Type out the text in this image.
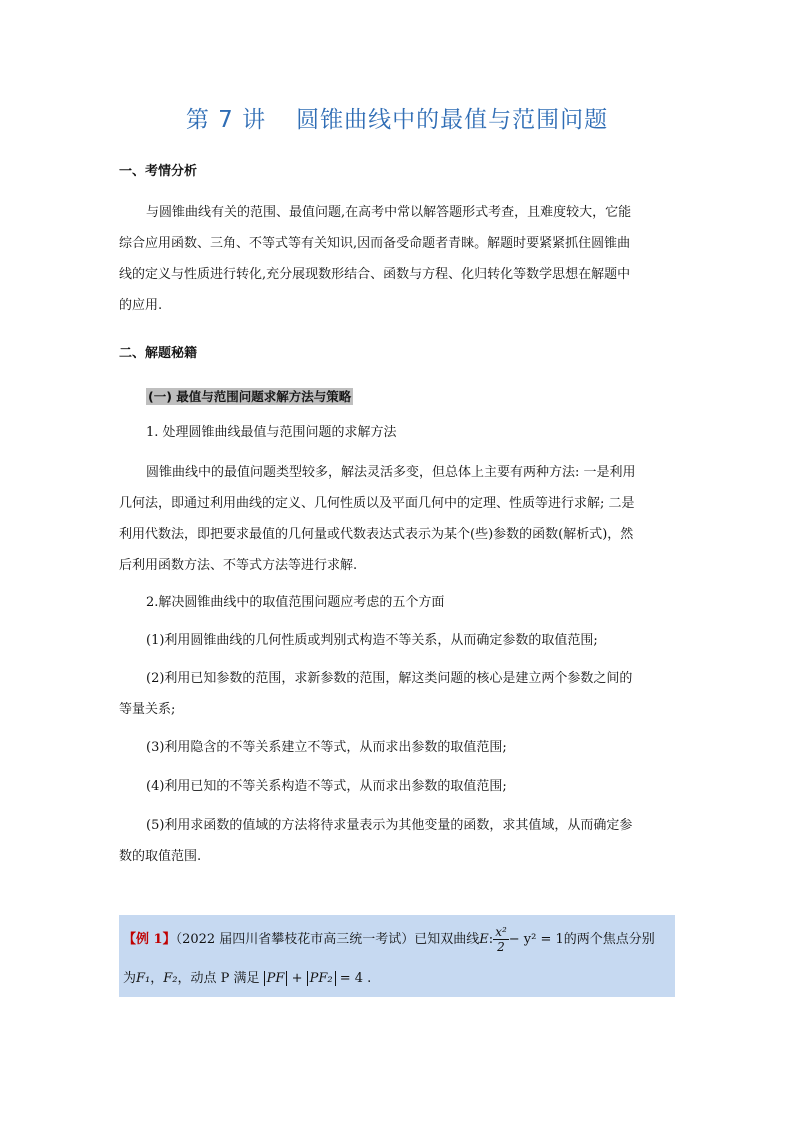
第 7 讲 圆锥曲线中的最值与范围问题
一、考情分析
与圆锥曲线有关的范围、最值问题,在高考中常以解答题形式考查，且难度较大，它能
综合应用函数、三角、不等式等有关知识,因而备受命题者青睐。解题时要紧紧抓住圆锥曲
线的定义与性质进行转化,充分展现数形结合、函数与方程、化归转化等数学思想在解题中
的应用.
二、解题秘籍
(一) 最值与范围问题求解方法与策略
1. 处理圆锥曲线最值与范围问题的求解方法
圆锥曲线中的最值问题类型较多，解法灵活多变，但总体上主要有两种方法: 一是利用
几何法，即通过利用曲线的定义、几何性质以及平面几何中的定理、性质等进行求解; 二是
利用代数法，即把要求最值的几何量或代数表达式表示为某个(些)参数的函数(解析式)，然
后利用函数方法、不等式方法等进行求解.
2.解决圆锥曲线中的取值范围问题应考虑的五个方面
(1)利用圆锥曲线的几何性质或判别式构造不等关系，从而确定参数的取值范围;
(2)利用已知参数的范围，求新参数的范围，解这类问题的核心是建立两个参数之间的
等量关系;
(3)利用隐含的不等关系建立不等式，从而求出参数的取值范围;
(4)利用已知的不等关系构造不等式，从而求出参数的取值范围;
(5)利用求函数的值域的方法将待求量表示为其他变量的函数，求其值域，从而确定参
数的取值范围.
【例 1】（2022 届四川省攀枝花市高三统一考试）已知双曲线E: $\frac{\text{x²}}{2} - y^2 = 1$的两个焦点分别
为F₁，F₂，动点 P 满足 PF + PF₂ = 4 .
